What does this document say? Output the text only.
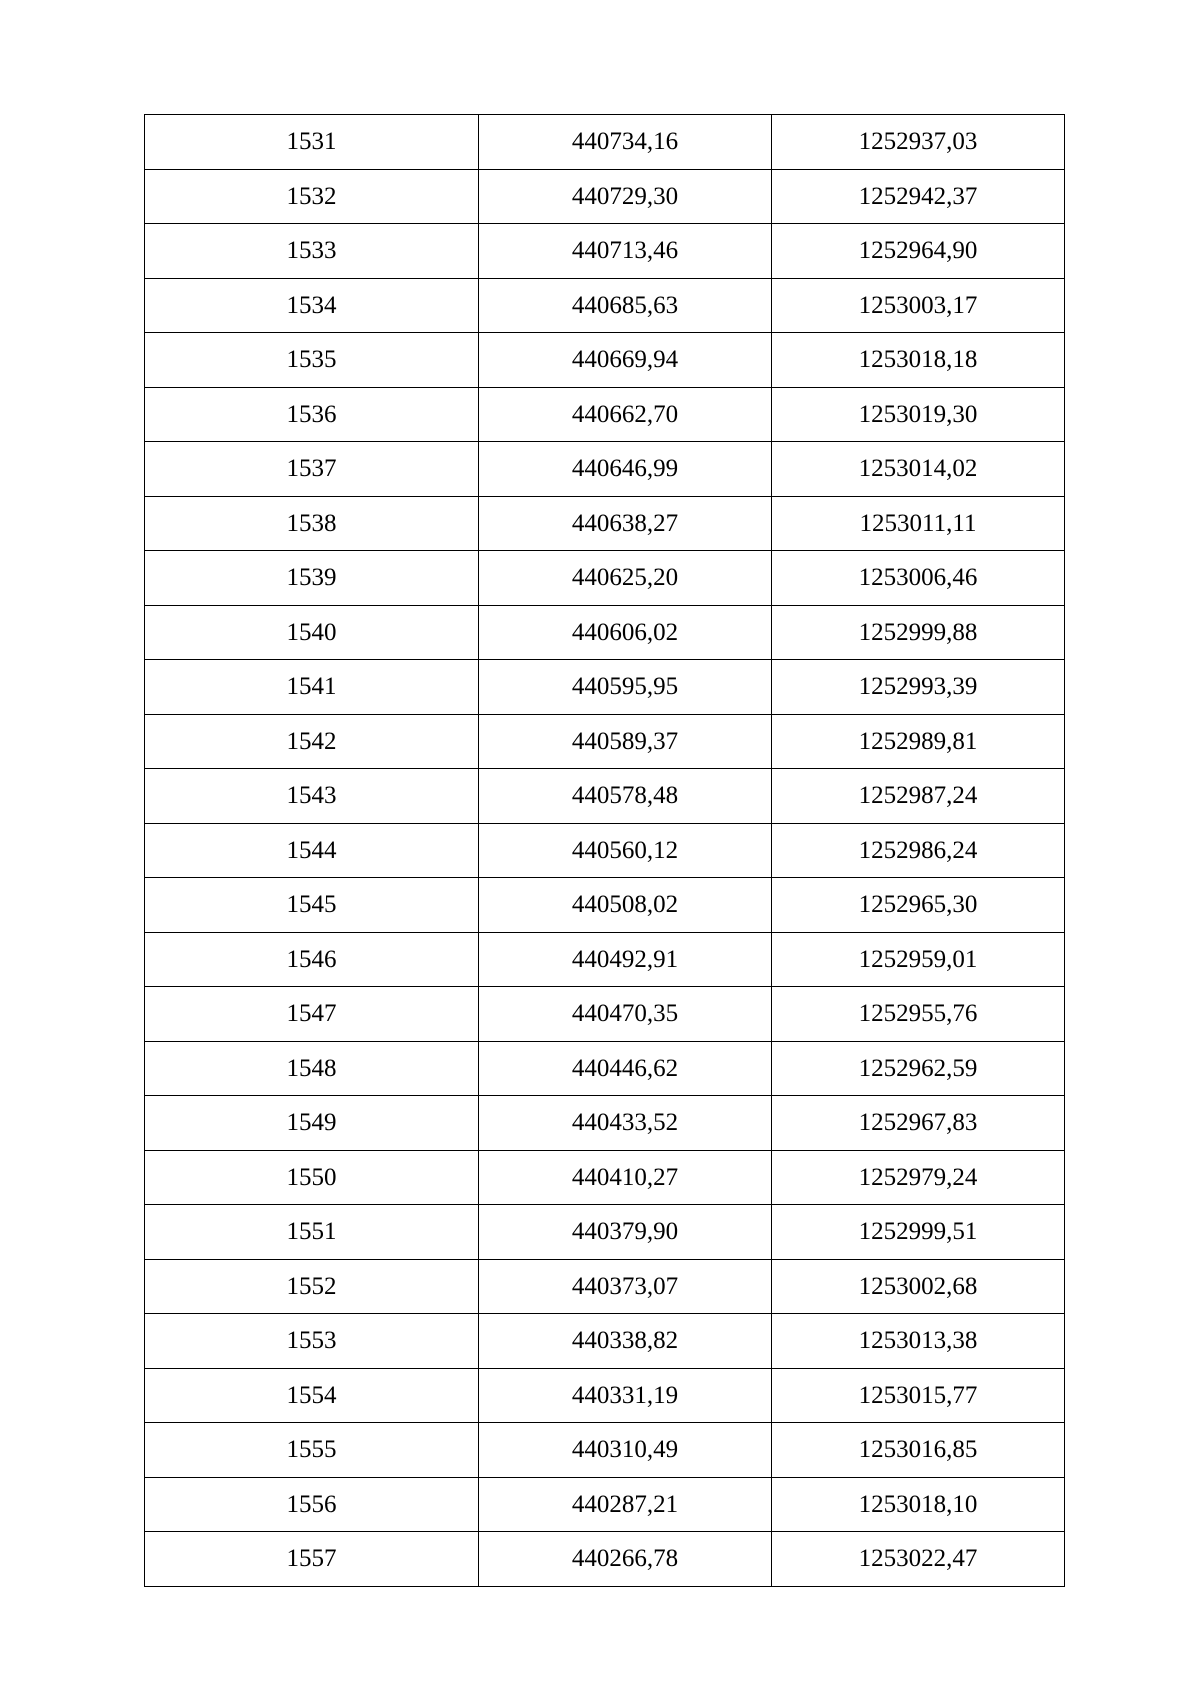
1531	440734,16	1252937,03
1532	440729,30	1252942,37
1533	440713,46	1252964,90
1534	440685,63	1253003,17
1535	440669,94	1253018,18
1536	440662,70	1253019,30
1537	440646,99	1253014,02
1538	440638,27	1253011,11
1539	440625,20	1253006,46
1540	440606,02	1252999,88
1541	440595,95	1252993,39
1542	440589,37	1252989,81
1543	440578,48	1252987,24
1544	440560,12	1252986,24
1545	440508,02	1252965,30
1546	440492,91	1252959,01
1547	440470,35	1252955,76
1548	440446,62	1252962,59
1549	440433,52	1252967,83
1550	440410,27	1252979,24
1551	440379,90	1252999,51
1552	440373,07	1253002,68
1553	440338,82	1253013,38
1554	440331,19	1253015,77
1555	440310,49	1253016,85
1556	440287,21	1253018,10
1557	440266,78	1253022,47
